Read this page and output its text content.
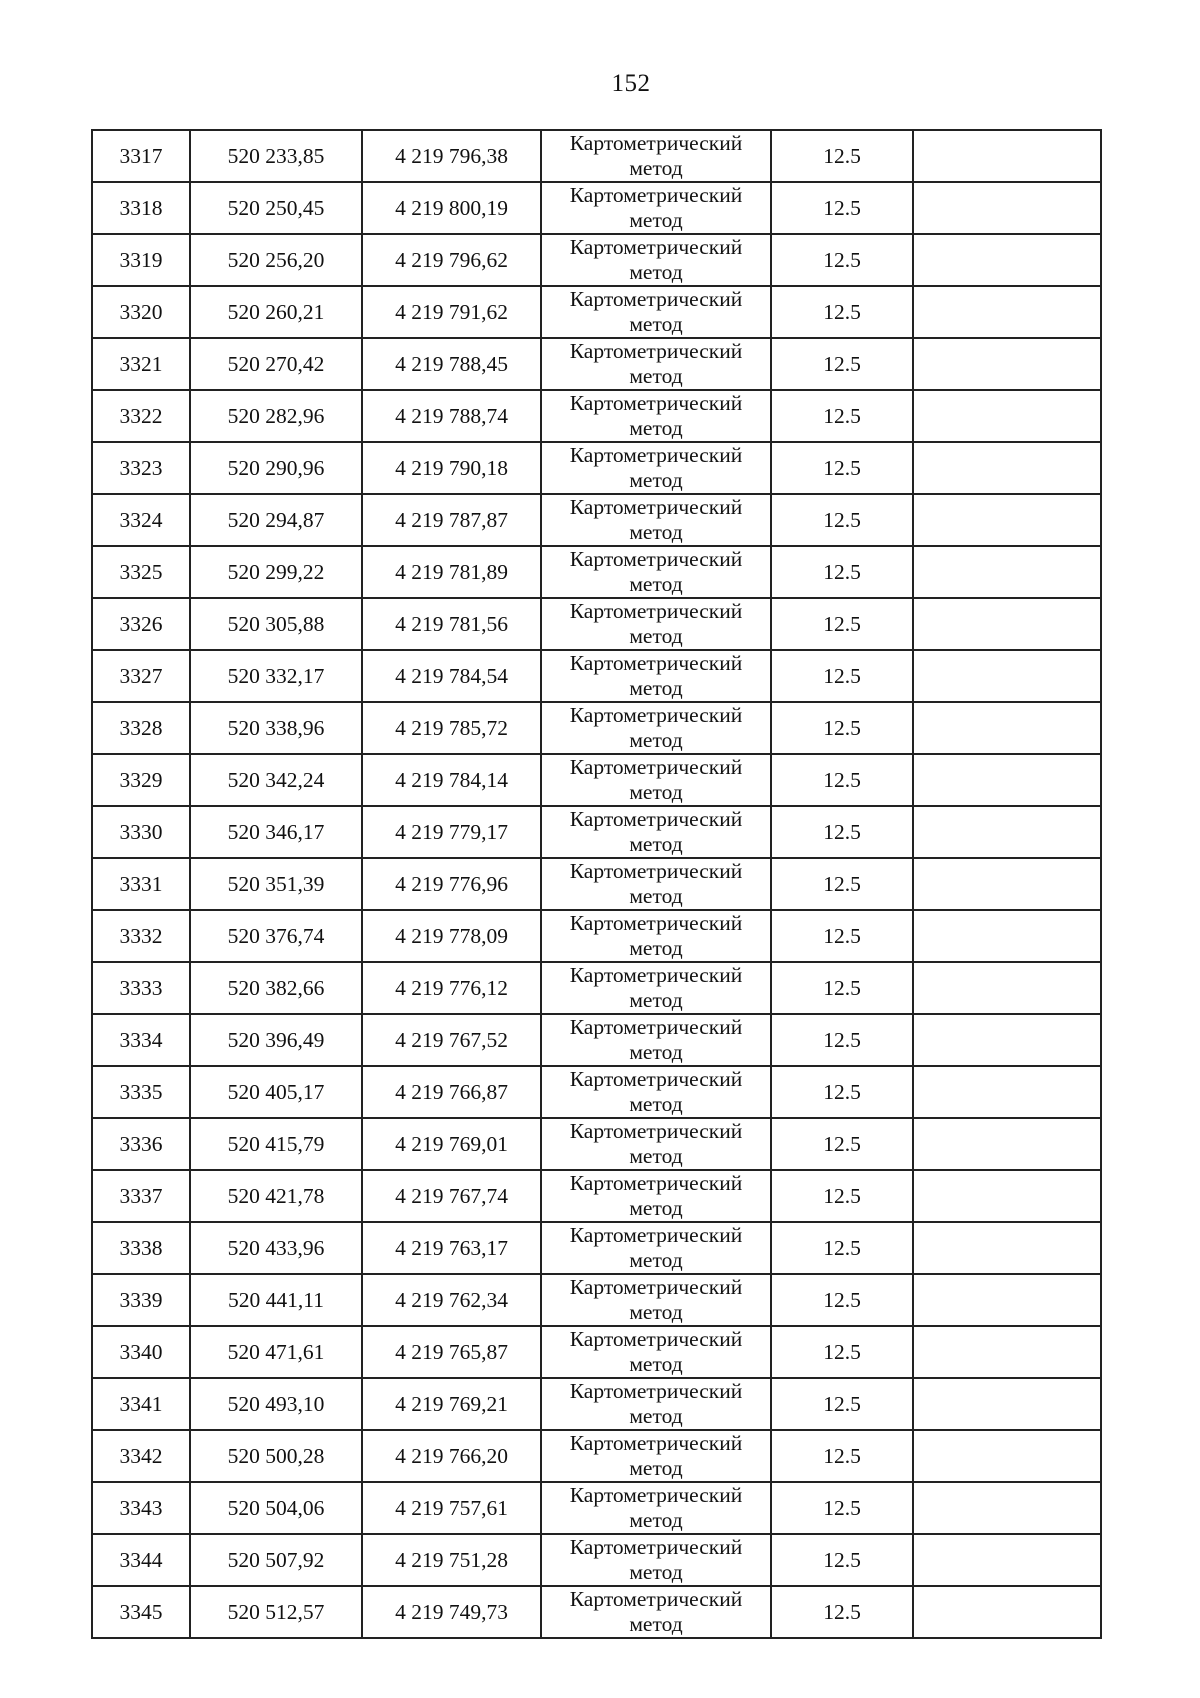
152
3317	520 233,85	4 219 796,38	Картометрический метод	12.5	
3318	520 250,45	4 219 800,19	Картометрический метод	12.5	
3319	520 256,20	4 219 796,62	Картометрический метод	12.5	
3320	520 260,21	4 219 791,62	Картометрический метод	12.5	
3321	520 270,42	4 219 788,45	Картометрический метод	12.5	
3322	520 282,96	4 219 788,74	Картометрический метод	12.5	
3323	520 290,96	4 219 790,18	Картометрический метод	12.5	
3324	520 294,87	4 219 787,87	Картометрический метод	12.5	
3325	520 299,22	4 219 781,89	Картометрический метод	12.5	
3326	520 305,88	4 219 781,56	Картометрический метод	12.5	
3327	520 332,17	4 219 784,54	Картометрический метод	12.5	
3328	520 338,96	4 219 785,72	Картометрический метод	12.5	
3329	520 342,24	4 219 784,14	Картометрический метод	12.5	
3330	520 346,17	4 219 779,17	Картометрический метод	12.5	
3331	520 351,39	4 219 776,96	Картометрический метод	12.5	
3332	520 376,74	4 219 778,09	Картометрический метод	12.5	
3333	520 382,66	4 219 776,12	Картометрический метод	12.5	
3334	520 396,49	4 219 767,52	Картометрический метод	12.5	
3335	520 405,17	4 219 766,87	Картометрический метод	12.5	
3336	520 415,79	4 219 769,01	Картометрический метод	12.5	
3337	520 421,78	4 219 767,74	Картометрический метод	12.5	
3338	520 433,96	4 219 763,17	Картометрический метод	12.5	
3339	520 441,11	4 219 762,34	Картометрический метод	12.5	
3340	520 471,61	4 219 765,87	Картометрический метод	12.5	
3341	520 493,10	4 219 769,21	Картометрический метод	12.5	
3342	520 500,28	4 219 766,20	Картометрический метод	12.5	
3343	520 504,06	4 219 757,61	Картометрический метод	12.5	
3344	520 507,92	4 219 751,28	Картометрический метод	12.5	
3345	520 512,57	4 219 749,73	Картометрический метод	12.5	
